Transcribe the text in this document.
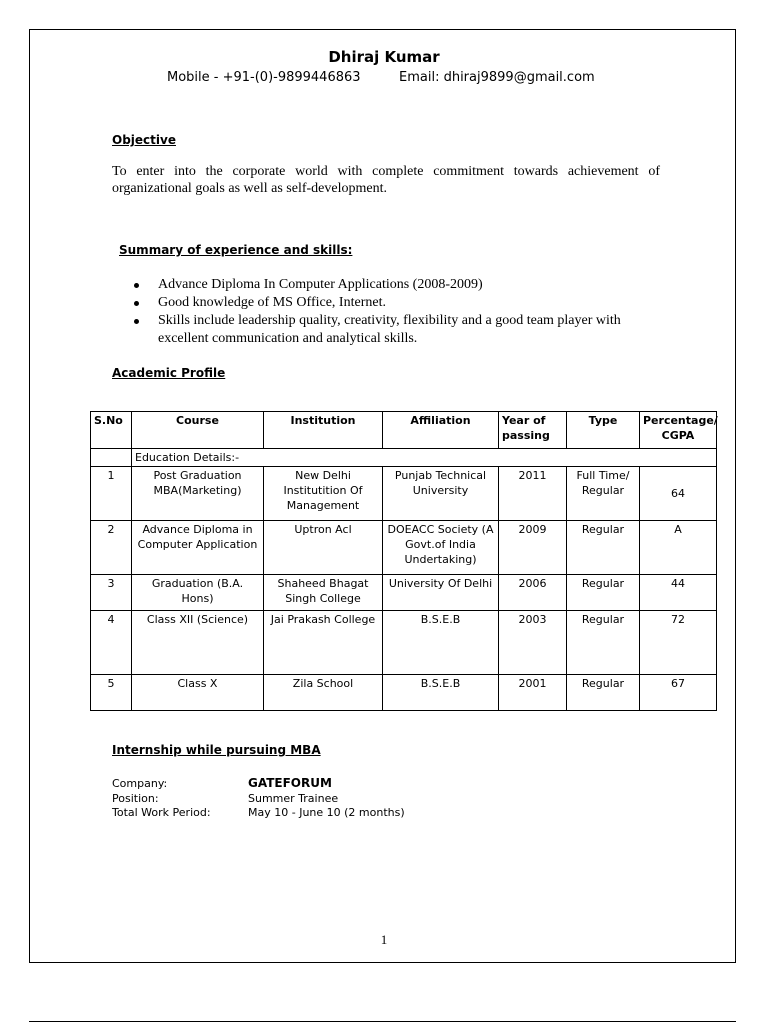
Dhiraj Kumar
Mobile - +91-(0)-9899446863	Email: dhiraj9899@gmail.com
Objective
To enter into the corporate world with complete commitment towards achievement of organizational goals as well as self-development.
Summary of experience and skills:
Advance Diploma In Computer Applications (2008-2009)
Good knowledge of MS Office, Internet.
Skills include leadership quality, creativity, flexibility and a good team player with excellent communication and analytical skills.
Academic Profile
S.No	Course	Institution	Affiliation	Year of passing	Type	Percentage/ CGPA
	Education Details:-					
1	Post Graduation MBA(Marketing)	New Delhi Institutition Of Management	Punjab Technical University	2011	Full Time/ Regular	64
2	Advance Diploma in Computer Application	Uptron Acl	DOEACC Society (A Govt.of India Undertaking)	2009	Regular	A
3	Graduation (B.A. Hons)	Shaheed Bhagat Singh College	University Of Delhi	2006	Regular	44
4	Class XII (Science)	Jai Prakash College	B.S.E.B	2003	Regular	72
5	Class X	Zila School	B.S.E.B	2001	Regular	67
Internship while pursuing MBA
Company:	GATEFORUM
Position:	Summer Trainee
Total Work Period:	May 10 - June 10 (2 months)
1
